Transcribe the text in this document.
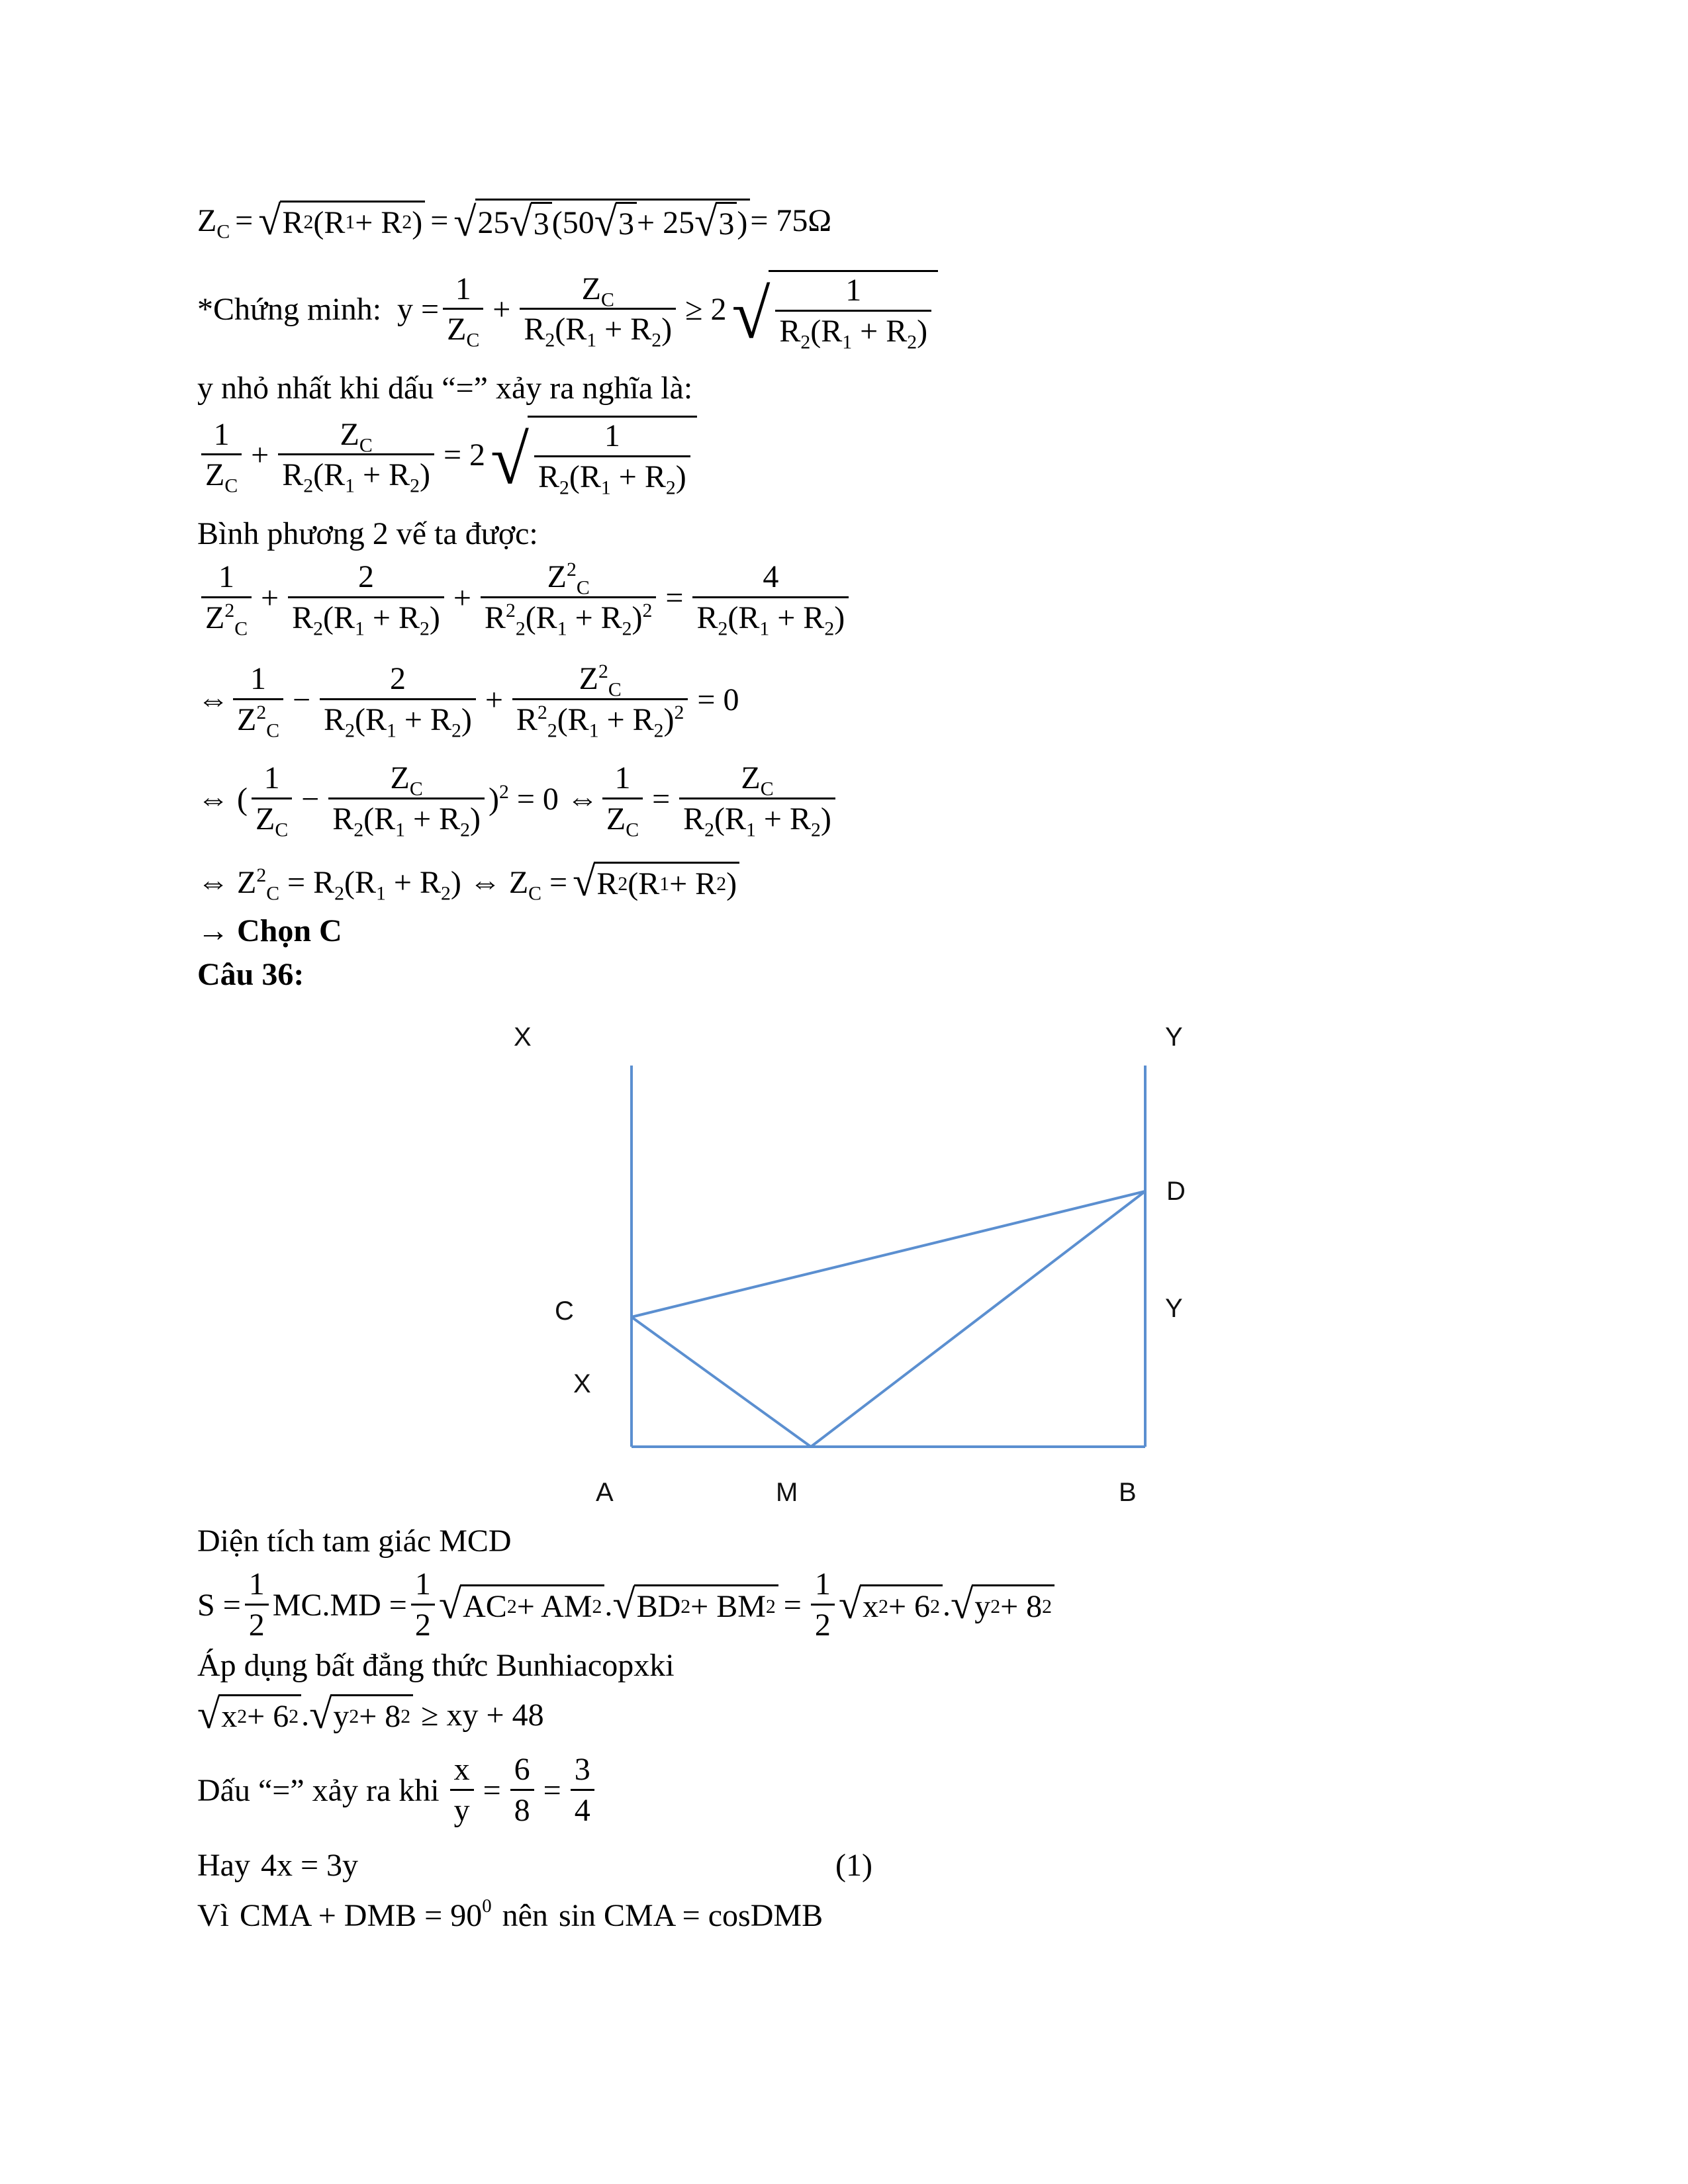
$Z_C$ = √ R 2 (R 1 + R 2 ) = √ 25 √ 3 (50 √ 3 + 25 √ 3 ) = 75Ω
*Chứng minh: $y = \frac{1}{Z_C} + \frac{Z_C}{R_2(R_1 + R_2)} \ge 2$ √ $\frac{1}{R_2(R_1 + R_2)}$
y nhỏ nhất khi dấu “=” xảy ra nghĩa là:
$\frac{1}{Z_C} + \frac{Z_C}{R_2(R_1 + R_2)} = 2$ √ $\frac{1}{R_2(R_1 + R_2)}$
Bình phương 2 vế ta được:
$\frac{1}{Z^2_C} + \frac{2}{R_2(R_1 + R_2)} + \frac{Z^2_C}{R^2_2(R_1 + R_2)^2} = \frac{4}{R_2(R_1 + R_2)}$
⇔ $\frac{1}{Z^2_C} - \frac{2}{R_2(R_1 + R_2)} + \frac{Z^2_C}{R^2_2(R_1 + R_2)^2} = 0$
⇔ ( $\frac{1}{Z_C} - \frac{Z_C}{R_2(R_1 + R_2)} )^2 = 0$ ⇔ $\frac{1}{Z_C} = \frac{Z_C}{R_2(R_1 + R_2)}$
⇔ $Z^2_C = R_2(R_1 + R_2)$ ⇔ $Z_C$ = √ R 2 (R 1 + R 2 )
→ Chọn C
Câu 36:
Diện tích tam giác MCD
$S = \frac{1}{2} MC.MD = \frac{1}{2}$ √ AC 2 + AM 2 . √ BD 2 + BM $2 = \frac{1}{2}$ √ x 2 + 6 2 . √ y 2 + 8 2
Áp dụng bất đẳng thức Bunhiacopxki
√ x 2 + 6 2 . √ y 2 + 8 2 ≥ xy + 48
Dấu “=” xảy ra khi $\frac{x}{y} = \frac{6}{8} = \frac{3}{4}$
Hay 4x = 3y	(1)
Vì CMA + DMB = $90^0$ nên sin CMA = cosDMB
X	Y
D
C	Y
X
A	M	B
